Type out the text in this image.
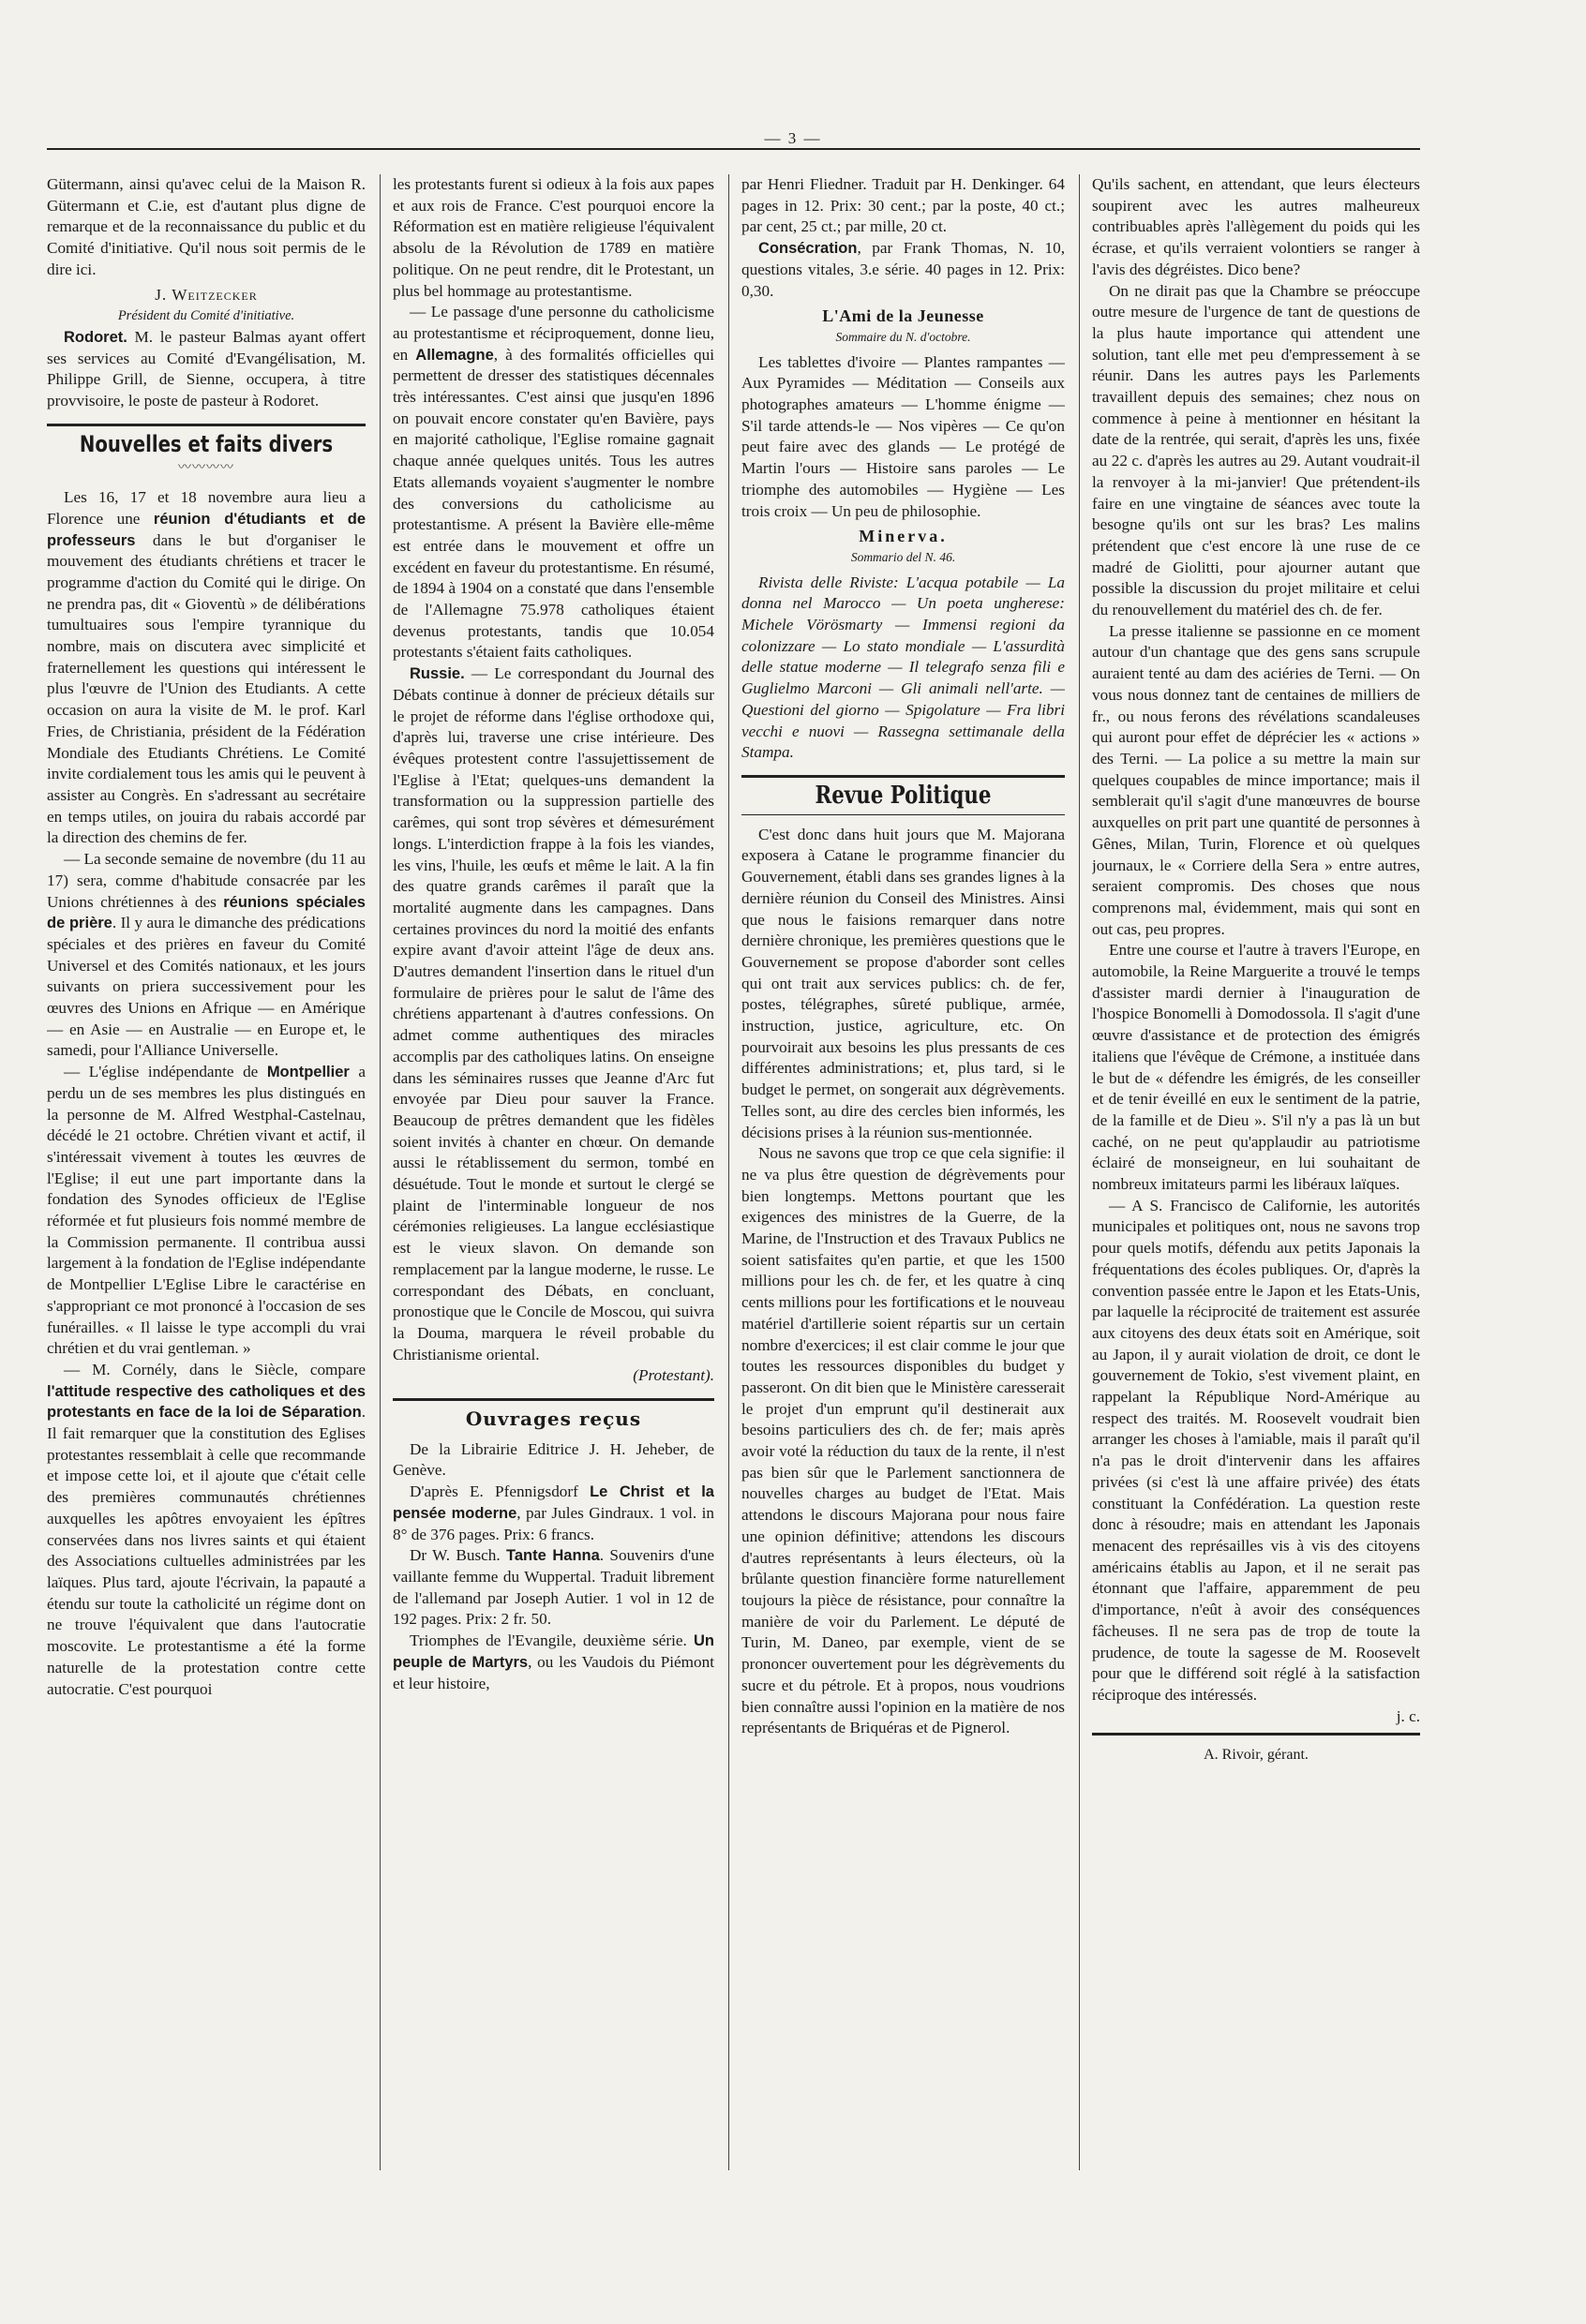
— 3 —

Gütermann, ainsi qu'avec celui de la Maison R. Gütermann et C.ie, est d'autant plus digne de remarque et de la reconnaissance du public et du Comité d'initiative. Qu'il nous soit permis de le dire ici.

J. Weitzecker

Président du Comité d'initiative.

Rodoret. M. le pasteur Balmas ayant offert ses services au Comité d'Evangélisation, M. Philippe Grill, de Sienne, occupera, à titre provvisoire, le poste de pasteur à Rodoret.

Nouvelles et faits divers
〰〰〰〰

Les 16, 17 et 18 novembre aura lieu a Florence une réunion d'étudiants et de professeurs dans le but d'organiser le mouvement des étudiants chrétiens et tracer le programme d'action du Comité qui le dirige. On ne prendra pas, dit « Gioventù » de délibérations tumultuaires sous l'empire tyrannique du nombre, mais on discutera avec simplicité et fraternellement les questions qui intéressent le plus l'œuvre de l'Union des Etudiants. A cette occasion on aura la visite de M. le prof. Karl Fries, de Christiania, président de la Fédération Mondiale des Etudiants Chrétiens. Le Comité invite cordialement tous les amis qui le peuvent à assister au Congrès. En s'adressant au secrétaire en temps utiles, on jouira du rabais accordé par la direction des chemins de fer.

— La seconde semaine de novembre (du 11 au 17) sera, comme d'habitude consacrée par les Unions chrétiennes à des réunions spéciales de prière. Il y aura le dimanche des prédications spéciales et des prières en faveur du Comité Universel et des Comités nationaux, et les jours suivants on priera successivement pour les œuvres des Unions en Afrique — en Amérique — en Asie — en Australie — en Europe et, le samedi, pour l'Alliance Universelle.

— L'église indépendante de Montpellier a perdu un de ses membres les plus distingués en la personne de M. Alfred Westphal-Castelnau, décédé le 21 octobre. Chrétien vivant et actif, il s'intéressait vivement à toutes les œuvres de l'Eglise; il eut une part importante dans la fondation des Synodes officieux de l'Eglise réformée et fut plusieurs fois nommé membre de la Commission permanente. Il contribua aussi largement à la fondation de l'Eglise indépendante de Montpellier L'Eglise Libre le caractérise en s'appropriant ce mot prononcé à l'occasion de ses funérailles. « Il laisse le type accompli du vrai chrétien et du vrai gentleman. »

— M. Cornély, dans le Siècle, compare l'attitude respective des catholiques et des protestants en face de la loi de Séparation. Il fait remarquer que la constitution des Eglises protestantes ressemblait à celle que recommande et impose cette loi, et il ajoute que c'était celle des premières communautés chrétiennes auxquelles les apôtres envoyaient les épîtres conservées dans nos livres saints et qui étaient des Associations cultuelles administrées par les laïques. Plus tard, ajoute l'écrivain, la papauté a étendu sur toute la catholicité un régime dont on ne trouve l'équivalent que dans l'autocratie moscovite. Le protestantisme a été la forme naturelle de la protestation contre cette autocratie. C'est pourquoi

les protestants furent si odieux à la fois aux papes et aux rois de France. C'est pourquoi encore la Réformation est en matière religieuse l'équivalent absolu de la Révolution de 1789 en matière politique. On ne peut rendre, dit le Protestant, un plus bel hommage au protestantisme.

— Le passage d'une personne du catholicisme au protestantisme et réciproquement, donne lieu, en Allemagne, à des formalités officielles qui permettent de dresser des statistiques décennales très intéressantes. C'est ainsi que jusqu'en 1896 on pouvait encore constater qu'en Bavière, pays en majorité catholique, l'Eglise romaine gagnait chaque année quelques unités. Tous les autres Etats allemands voyaient s'augmenter le nombre des conversions du catholicisme au protestantisme. A présent la Bavière elle-même est entrée dans le mouvement et offre un excédent en faveur du protestantisme. En résumé, de 1894 à 1904 on a constaté que dans l'ensemble de l'Allemagne 75.978 catholiques étaient devenus protestants, tandis que 10.054 protestants s'étaient faits catholiques.

Russie. — Le correspondant du Journal des Débats continue à donner de précieux détails sur le projet de réforme dans l'église orthodoxe qui, d'après lui, traverse une crise intérieure. Des évêques protestent contre l'assujettissement de l'Eglise à l'Etat; quelques-uns demandent la transformation ou la suppression partielle des carêmes, qui sont trop sévères et démesurément longs. L'interdiction frappe à la fois les viandes, les vins, l'huile, les œufs et même le lait. A la fin des quatre grands carêmes il paraît que la mortalité augmente dans les campagnes. Dans certaines provinces du nord la moitié des enfants expire avant d'avoir atteint l'âge de deux ans. D'autres demandent l'insertion dans le rituel d'un formulaire de prières pour le salut de l'âme des chrétiens appartenant à d'autres confessions. On admet comme authentiques des miracles accomplis par des catholiques latins. On enseigne dans les séminaires russes que Jeanne d'Arc fut envoyée par Dieu pour sauver la France. Beaucoup de prêtres demandent que les fidèles soient invités à chanter en chœur. On demande aussi le rétablissement du sermon, tombé en désuétude. Tout le monde et surtout le clergé se plaint de l'interminable longueur de nos cérémonies religieuses. La langue ecclésiastique est le vieux slavon. On demande son remplacement par la langue moderne, le russe. Le correspondant des Débats, en concluant, pronostique que le Concile de Moscou, qui suivra la Douma, marquera le réveil probable du Christianisme oriental.

(Protestant).

Ouvrages reçus

De la Librairie Editrice J. H. Jeheber, de Genève.

D'après E. Pfennigsdorf Le Christ et la pensée moderne, par Jules Gindraux. 1 vol. in 8° de 376 pages. Prix: 6 francs.

Dr W. Busch. Tante Hanna. Souvenirs d'une vaillante femme du Wuppertal. Traduit librement de l'allemand par Joseph Autier. 1 vol in 12 de 192 pages. Prix: 2 fr. 50.

Triomphes de l'Evangile, deuxième série. Un peuple de Martyrs, ou les Vaudois du Piémont et leur histoire,

par Henri Fliedner. Traduit par H. Denkinger. 64 pages in 12. Prix: 30 cent.; par la poste, 40 ct.; par cent, 25 ct.; par mille, 20 ct.

Consécration, par Frank Thomas, N. 10, questions vitales, 3.e série. 40 pages in 12. Prix: 0,30.

L'Ami de la Jeunesse
Sommaire du N. d'octobre.

Les tablettes d'ivoire — Plantes rampantes — Aux Pyramides — Méditation — Conseils aux photographes amateurs — L'homme énigme — S'il tarde attends-le — Nos vipères — Ce qu'on peut faire avec des glands — Le protégé de Martin l'ours — Histoire sans paroles — Le triomphe des automobiles — Hygiène — Les trois croix — Un peu de philosophie.

Minerva.
Sommario del N. 46.

Rivista delle Riviste: L'acqua potabile — La donna nel Marocco — Un poeta ungherese: Michele Vörösmarty — Immensi regioni da colonizzare — Lo stato mondiale — L'assurdità delle statue moderne — Il telegrafo senza fili e Guglielmo Marconi — Gli animali nell'arte. — Questioni del giorno — Spigolature — Fra libri vecchi e nuovi — Rassegna settimanale della Stampa.

Revue Politique

C'est donc dans huit jours que M. Majorana exposera à Catane le programme financier du Gouvernement, établi dans ses grandes lignes à la dernière réunion du Conseil des Ministres. Ainsi que nous le faisions remarquer dans notre dernière chronique, les premières questions que le Gouvernement se propose d'aborder sont celles qui ont trait aux services publics: ch. de fer, postes, télégraphes, sûreté publique, armée, instruction, justice, agriculture, etc. On pourvoirait aux besoins les plus pressants de ces différentes administrations; et, plus tard, si le budget le permet, on songerait aux dégrèvements. Telles sont, au dire des cercles bien informés, les décisions prises à la réunion sus-mentionnée.

Nous ne savons que trop ce que cela signifie: il ne va plus être question de dégrèvements pour bien longtemps. Mettons pourtant que les exigences des ministres de la Guerre, de la Marine, de l'Instruction et des Travaux Publics ne soient satisfaites qu'en partie, et que les 1500 millions pour les ch. de fer, et les quatre à cinq cents millions pour les fortifications et le nouveau matériel d'artillerie soient répartis sur un certain nombre d'exercices; il est clair comme le jour que toutes les ressources disponibles du budget y passeront. On dit bien que le Ministère caresserait le projet d'un emprunt qu'il destinerait aux besoins particuliers des ch. de fer; mais après avoir voté la réduction du taux de la rente, il n'est pas bien sûr que le Parlement sanctionnera de nouvelles charges au budget de l'Etat. Mais attendons le discours Majorana pour nous faire une opinion définitive; attendons les discours d'autres représentants à leurs électeurs, où la brûlante question financière forme naturellement toujours la pièce de résistance, pour connaître la manière de voir du Parlement. Le député de Turin, M. Daneo, par exemple, vient de se prononcer ouvertement pour les dégrèvements du sucre et du pétrole. Et à propos, nous voudrions bien connaître aussi l'opinion en la matière de nos représentants de Briquéras et de Pignerol.

Qu'ils sachent, en attendant, que leurs électeurs soupirent avec les autres malheureux contribuables après l'allègement du poids qui les écrase, et qu'ils verraient volontiers se ranger à l'avis des dégréistes. Dico bene?

On ne dirait pas que la Chambre se préoccupe outre mesure de l'urgence de tant de questions de la plus haute importance qui attendent une solution, tant elle met peu d'empressement à se réunir. Dans les autres pays les Parlements travaillent depuis des semaines; chez nous on commence à peine à mentionner en hésitant la date de la rentrée, qui serait, d'après les uns, fixée au 22 c. d'après les autres au 29. Autant voudrait-il la renvoyer à la mi-janvier! Que prétendent-ils faire en une vingtaine de séances avec toute la besogne qu'ils ont sur les bras? Les malins prétendent que c'est encore là une ruse de ce madré de Giolitti, pour ajourner autant que possible la discussion du projet militaire et celui du renouvellement du matériel des ch. de fer.

La presse italienne se passionne en ce moment autour d'un chantage que des gens sans scrupule auraient tenté au dam des aciéries de Terni. — On vous nous donnez tant de centaines de milliers de fr., ou nous ferons des révélations scandaleuses qui auront pour effet de déprécier les « actions » des Terni. — La police a su mettre la main sur quelques coupables de mince importance; mais il semblerait qu'il s'agit d'une manœuvres de bourse auxquelles on prit part une quantité de personnes à Gênes, Milan, Turin, Florence et où quelques journaux, le « Corriere della Sera » entre autres, seraient compromis. Des choses que nous comprenons mal, évidemment, mais qui sont en out cas, peu propres.

Entre une course et l'autre à travers l'Europe, en automobile, la Reine Marguerite a trouvé le temps d'assister mardi dernier à l'inauguration de l'hospice Bonomelli à Domodossola. Il s'agit d'une œuvre d'assistance et de protection des émigrés italiens que l'évêque de Crémone, a instituée dans le but de « défendre les émigrés, de les conseiller et de tenir éveillé en eux le sentiment de la patrie, de la famille et de Dieu ». S'il n'y a pas là un but caché, on ne peut qu'applaudir au patriotisme éclairé de monseigneur, en lui souhaitant de nombreux imitateurs parmi les libéraux laïques.

— A S. Francisco de Californie, les autorités municipales et politiques ont, nous ne savons trop pour quels motifs, défendu aux petits Japonais la fréquentations des écoles publiques. Or, d'après la convention passée entre le Japon et les Etats-Unis, par laquelle la réciprocité de traitement est assurée aux citoyens des deux états soit en Amérique, soit au Japon, il y aurait violation de droit, ce dont le gouvernement de Tokio, s'est vivement plaint, en rappelant la République Nord-Amérique au respect des traités. M. Roosevelt voudrait bien arranger les choses à l'amiable, mais il paraît qu'il n'a pas le droit d'intervenir dans les affaires privées (si c'est là une affaire privée) des états constituant la Confédération. La question reste donc à résoudre; mais en attendant les Japonais menacent des représailles vis à vis des citoyens américains établis au Japon, et il ne serait pas étonnant que l'affaire, apparemment de peu d'importance, n'eût à avoir des conséquences fâcheuses. Il ne sera pas de trop de toute la prudence, de toute la sagesse de M. Roosevelt pour que le différend soit réglé à la satisfaction réciproque des intéressés.

j. c.

A. Rivoir, gérant.
